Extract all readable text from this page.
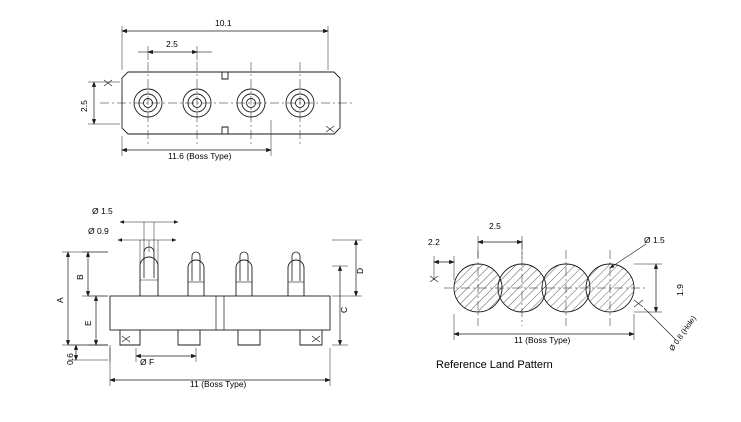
10.1
2.5
2.5
11.6 (Boss Type)
Ø 1.5
Ø 0.9
B
A
E
0.6
D
C
Ø F
11 (Boss Type)
2.2
2.5
Ø 1.5
1.9
Ø 0.8 (Hole)
11 (Boss Type)
Reference Land Pattern
